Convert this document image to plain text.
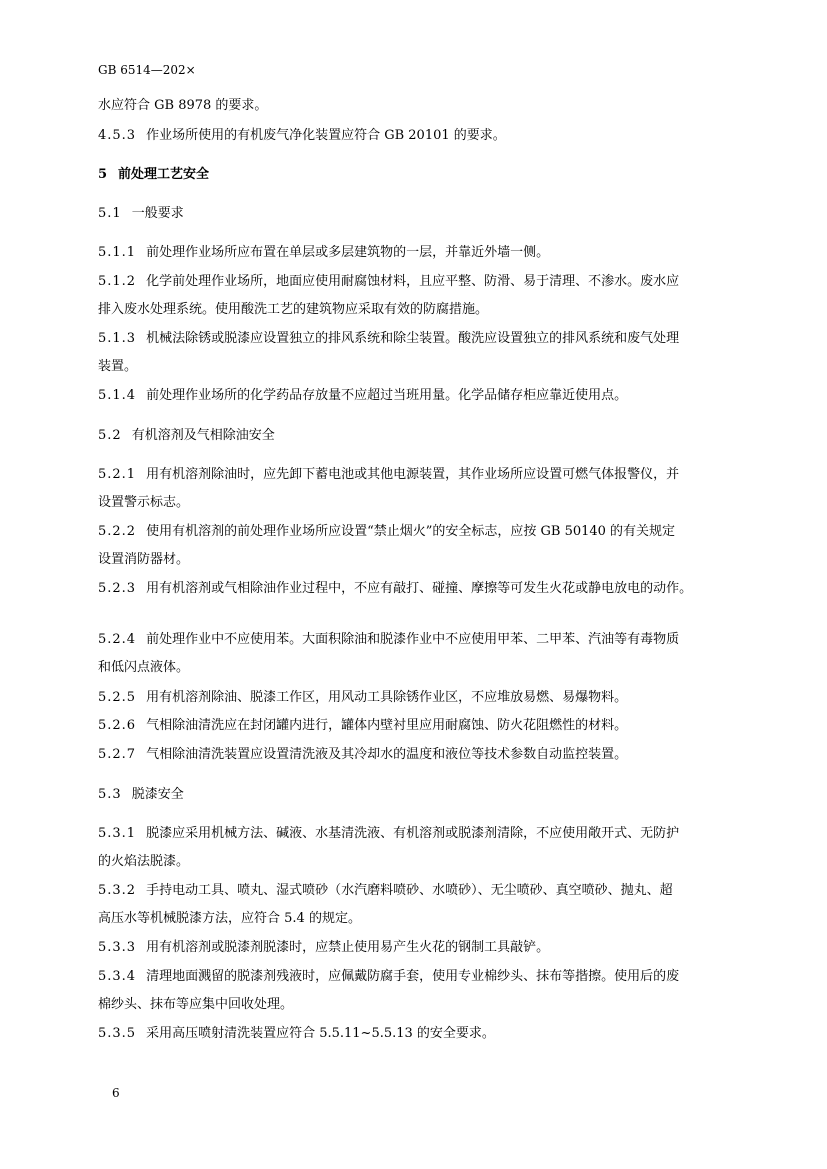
GB 6514—202×
水应符合 GB 8978 的要求。
4.5.3 作业场所使用的有机废气净化装置应符合 GB 20101 的要求。
5 前处理工艺安全
5.1 一般要求
5.1.1 前处理作业场所应布置在单层或多层建筑物的一层，并靠近外墙一侧。
5.1.2 化学前处理作业场所，地面应使用耐腐蚀材料，且应平整、防滑、易于清理、不渗水。废水应
排入废水处理系统。使用酸洗工艺的建筑物应采取有效的防腐措施。
5.1.3 机械法除锈或脱漆应设置独立的排风系统和除尘装置。酸洗应设置独立的排风系统和废气处理
装置。
5.1.4 前处理作业场所的化学药品存放量不应超过当班用量。化学品储存柜应靠近使用点。
5.2 有机溶剂及气相除油安全
5.2.1 用有机溶剂除油时，应先卸下蓄电池或其他电源装置，其作业场所应设置可燃气体报警仪，并
设置警示标志。
5.2.2 使用有机溶剂的前处理作业场所应设置“禁止烟火”的安全标志，应按 GB 50140 的有关规定
设置消防器材。
5.2.3 用有机溶剂或气相除油作业过程中，不应有敲打、碰撞、摩擦等可发生火花或静电放电的动作。
5.2.4 前处理作业中不应使用苯。大面积除油和脱漆作业中不应使用甲苯、二甲苯、汽油等有毒物质
和低闪点液体。
5.2.5 用有机溶剂除油、脱漆工作区，用风动工具除锈作业区，不应堆放易燃、易爆物料。
5.2.6 气相除油清洗应在封闭罐内进行，罐体内壁衬里应用耐腐蚀、防火花阻燃性的材料。
5.2.7 气相除油清洗装置应设置清洗液及其冷却水的温度和液位等技术参数自动监控装置。
5.3 脱漆安全
5.3.1 脱漆应采用机械方法、碱液、水基清洗液、有机溶剂或脱漆剂清除，不应使用敞开式、无防护
的火焰法脱漆。
5.3.2 手持电动工具、喷丸、湿式喷砂（水汽磨料喷砂、水喷砂）、无尘喷砂、真空喷砂、抛丸、超
高压水等机械脱漆方法，应符合 5.4 的规定。
5.3.3 用有机溶剂或脱漆剂脱漆时，应禁止使用易产生火花的钢制工具敲铲。
5.3.4 清理地面溅留的脱漆剂残液时，应佩戴防腐手套，使用专业棉纱头、抹布等揩擦。使用后的废
棉纱头、抹布等应集中回收处理。
5.3.5 采用高压喷射清洗装置应符合 5.5.11~5.5.13 的安全要求。
6
